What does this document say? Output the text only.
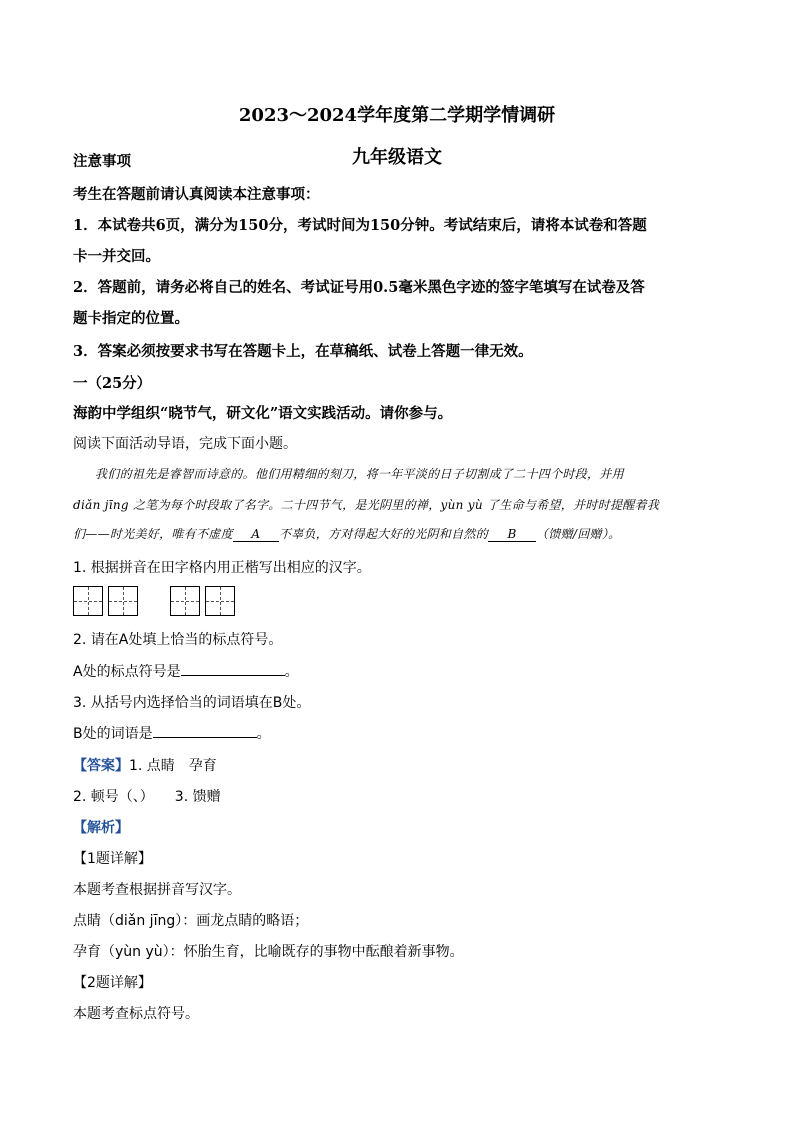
2023～2024学年度第二学期学情调研
九年级语文
注意事项
考生在答题前请认真阅读本注意事项：
1．本试卷共6页，满分为150分，考试时间为150分钟。考试结束后，请将本试卷和答题
卡一并交回。
2．答题前，请务必将自己的姓名、考试证号用0.5毫米黑色字迹的签字笔填写在试卷及答
题卡指定的位置。
3．答案必须按要求书写在答题卡上，在草稿纸、试卷上答题一律无效。
一（25分）
海韵中学组织“晓节气，研文化”语文实践活动。请你参与。
阅读下面活动导语，完成下面小题。
我们的祖先是睿智而诗意的。他们用精细的刻刀，将一年平淡的日子切割成了二十四个时段，并用
diǎn jīng 之笔为每个时段取了名字。二十四节气，是光阴里的禅，yùn yù 了生命与希望，并时时提醒着我
们——时光美好，唯有不虚度 A 不辜负，方对得起大好的光阴和自然的 B （馈赠/回赠）。
1. 根据拼音在田字格内用正楷写出相应的汉字。
2. 请在A处填上恰当的标点符号。
A处的标点符号是	。
3. 从括号内选择恰当的词语填在B处。
B处的词语是	。
【答案】1. 点睛　孕育
2. 顿号（、）　　3. 馈赠
【解析】
【1题详解】
本题考查根据拼音写汉字。
点睛（diǎn jīng）：画龙点睛的略语；
孕育（yùn yù）：怀胎生育，比喻既存的事物中酝酿着新事物。
【2题详解】
本题考查标点符号。
